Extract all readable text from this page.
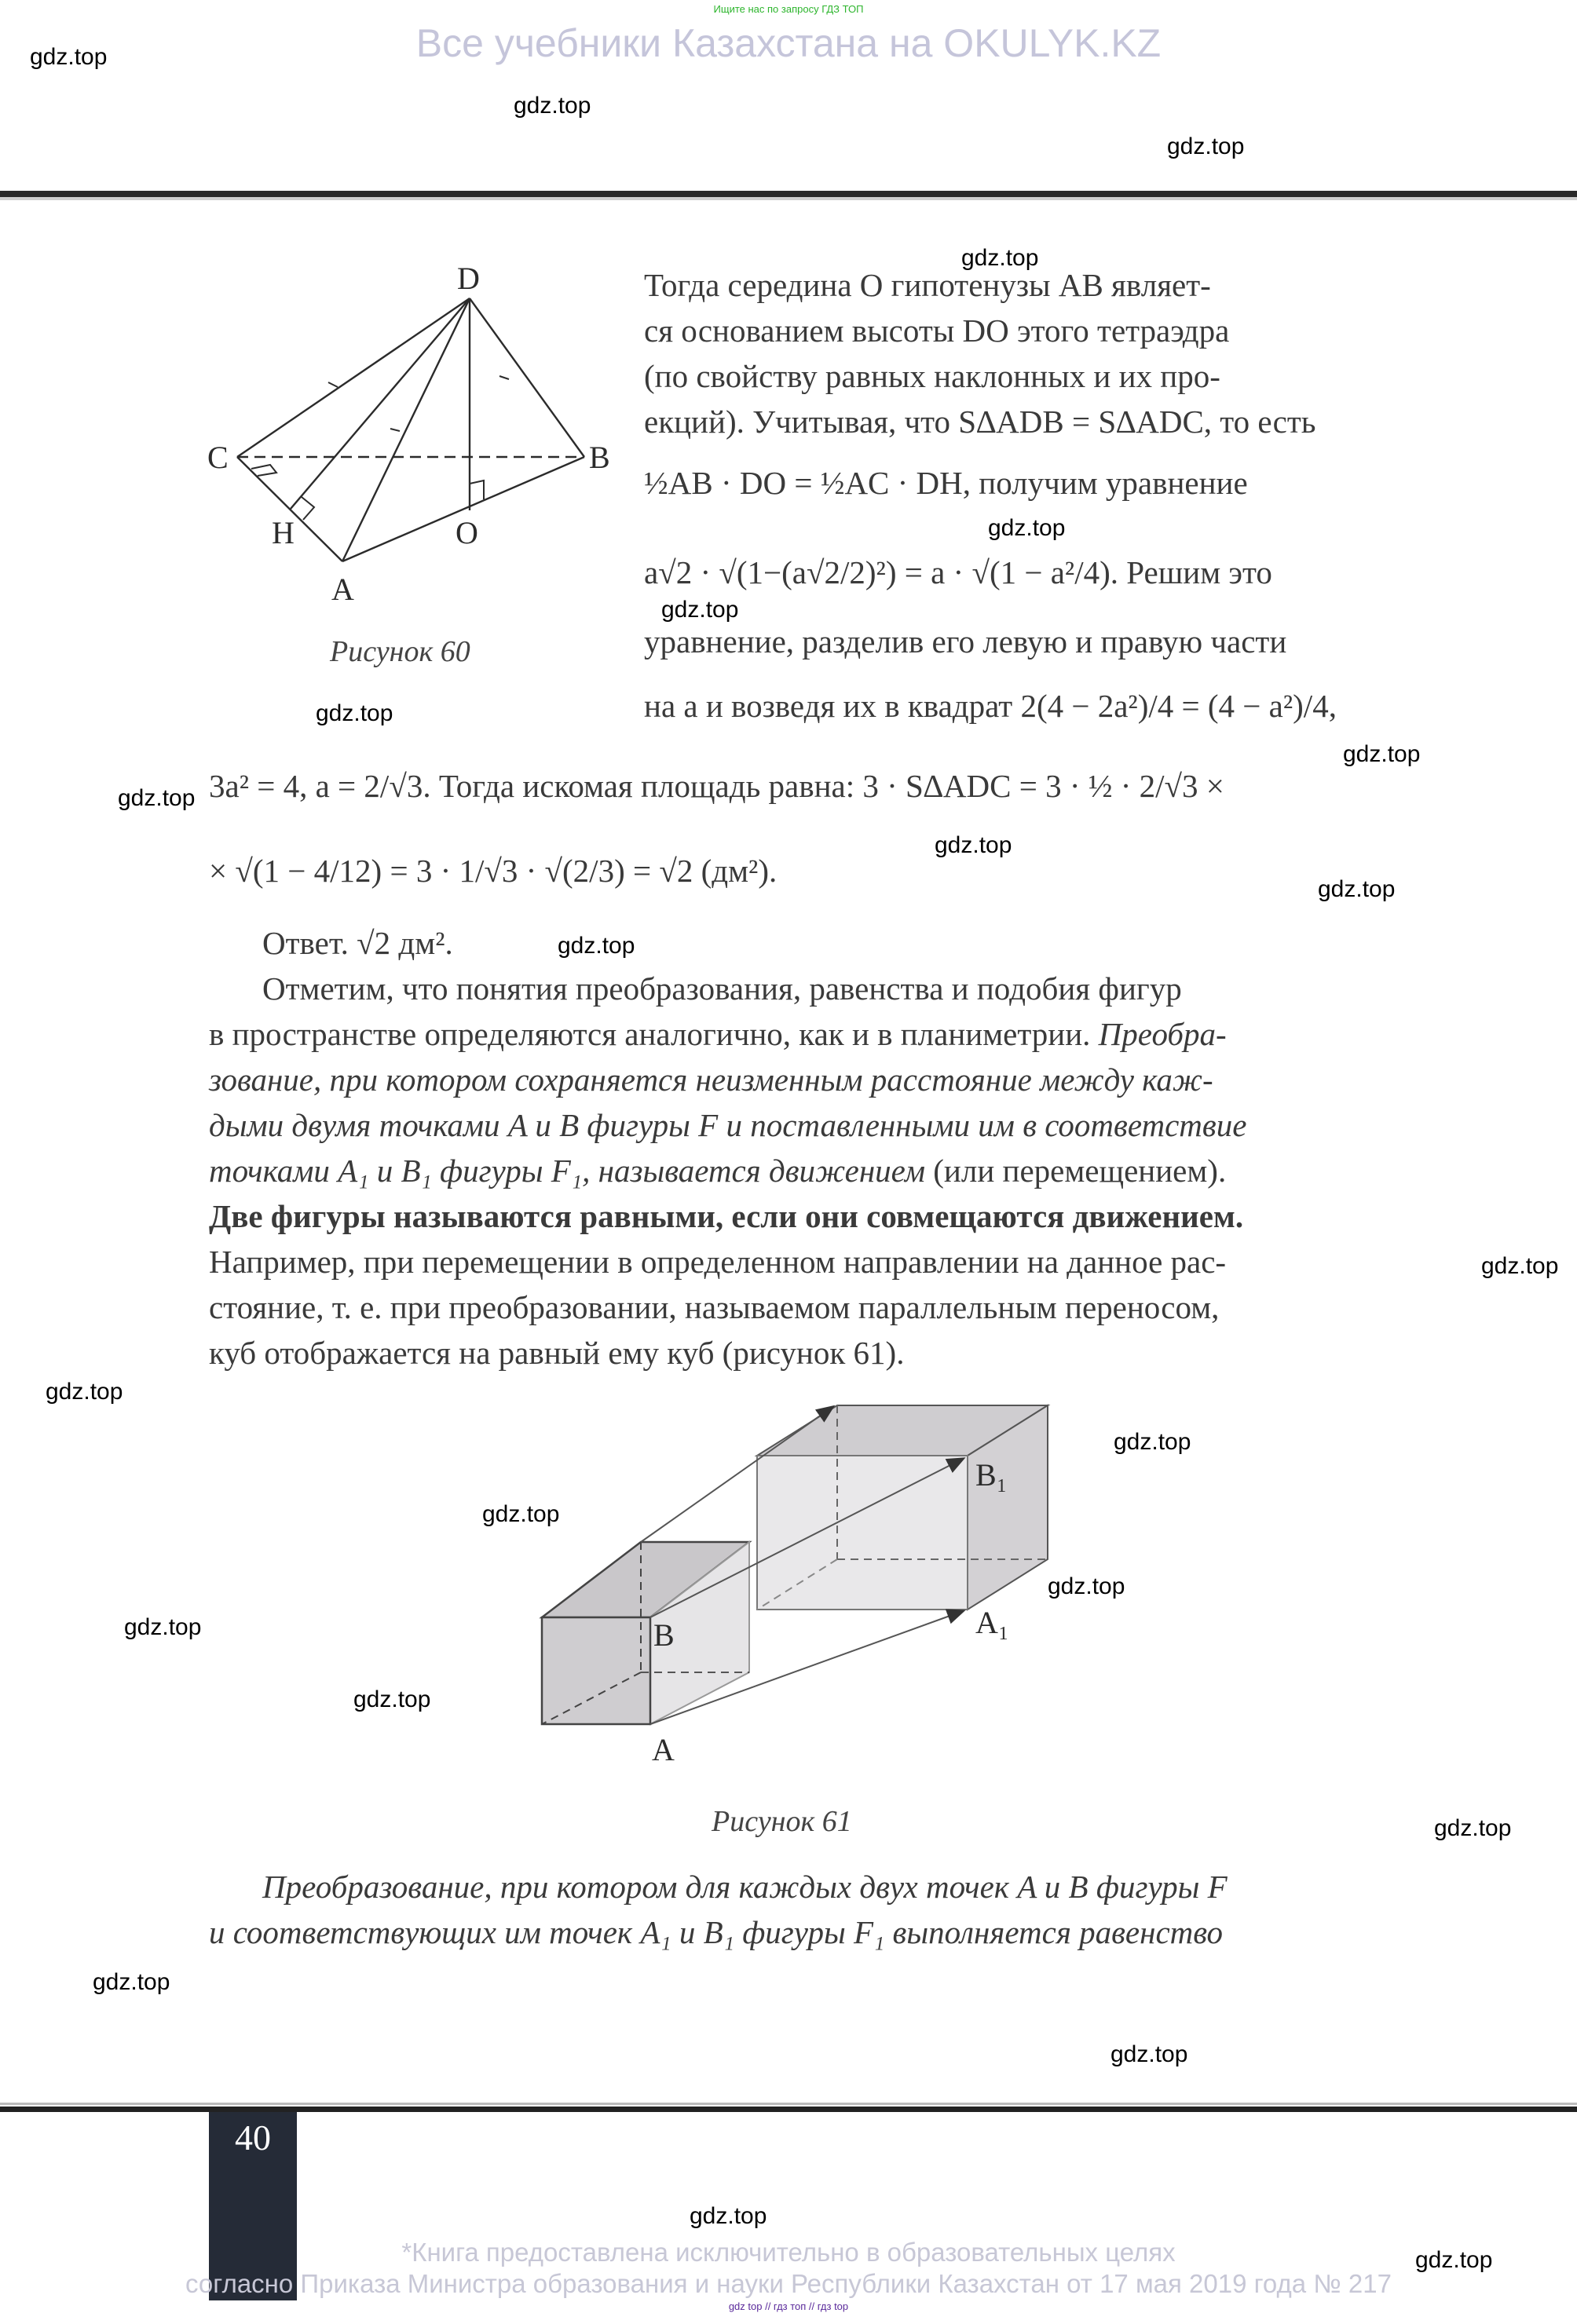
Ищите нас по запросу ГДЗ ТОП
Все учебники Казахстана на OKULYK.KZ
gdz.top
gdz.top
gdz.top
gdz.top
gdz.top
gdz.top
gdz.top
gdz.top
gdz.top
gdz.top
gdz.top
gdz.top
gdz.top
gdz.top
gdz.top
gdz.top
gdz.top
gdz.top
gdz.top
gdz.top
gdz.top
gdz.top
gdz.top
gdz.top
D
C	B
H	O
A
Рисунок 60
Тогда середина O гипотенузы AB являет-
ся основанием высоты DO этого тетраэдра
(по свойству равных наклонных и их про-
екций). Учитывая, что S∆ADB = S∆ADC, то есть
½AB · DO = ½AC · DH, получим уравнение
a√2 · √(1−(a√2/2)²) = a · √(1 − a²/4). Решим это
уравнение, разделив его левую и правую части
на a и возведя их в квадрат 2(4 − 2a²)/4 = (4 − a²)/4,
3a² = 4, a = 2/√3. Тогда искомая площадь равна: 3 · S∆ADC = 3 · ½ · 2/√3 ×
× √(1 − 4/12) = 3 · 1/√3 · √(2/3) = √2 (дм²).
Ответ. √2 дм².
Отметим, что понятия преобразования, равенства и подобия фигур
в пространстве определяются аналогично, как и в планиметрии. Преобра-
зование, при котором сохраняется неизменным расстояние между каж-
дыми двумя точками A и B фигуры F и поставленными им в соответствие
точками A₁ и B₁ фигуры F₁, называется движением (или перемещением).
Две фигуры называются равными, если они совмещаются движением.
Например, при перемещении в определенном направлении на данное рас-
стояние, т. е. при преобразовании, называемом параллельным переносом,
куб отображается на равный ему куб (рисунок 61).
B
A
B₁
A₁
Рисунок 61
Преобразование, при котором для каждых двух точек A и B фигуры F
и соответствующих им точек A₁ и B₁ фигуры F₁ выполняется равенство
40
*Книга предоставлена исключительно в образовательных целях
согласно Приказа Министра образования и науки Республики Казахстан от 17 мая 2019 года № 217
gdz top // гдз топ // гдз top
